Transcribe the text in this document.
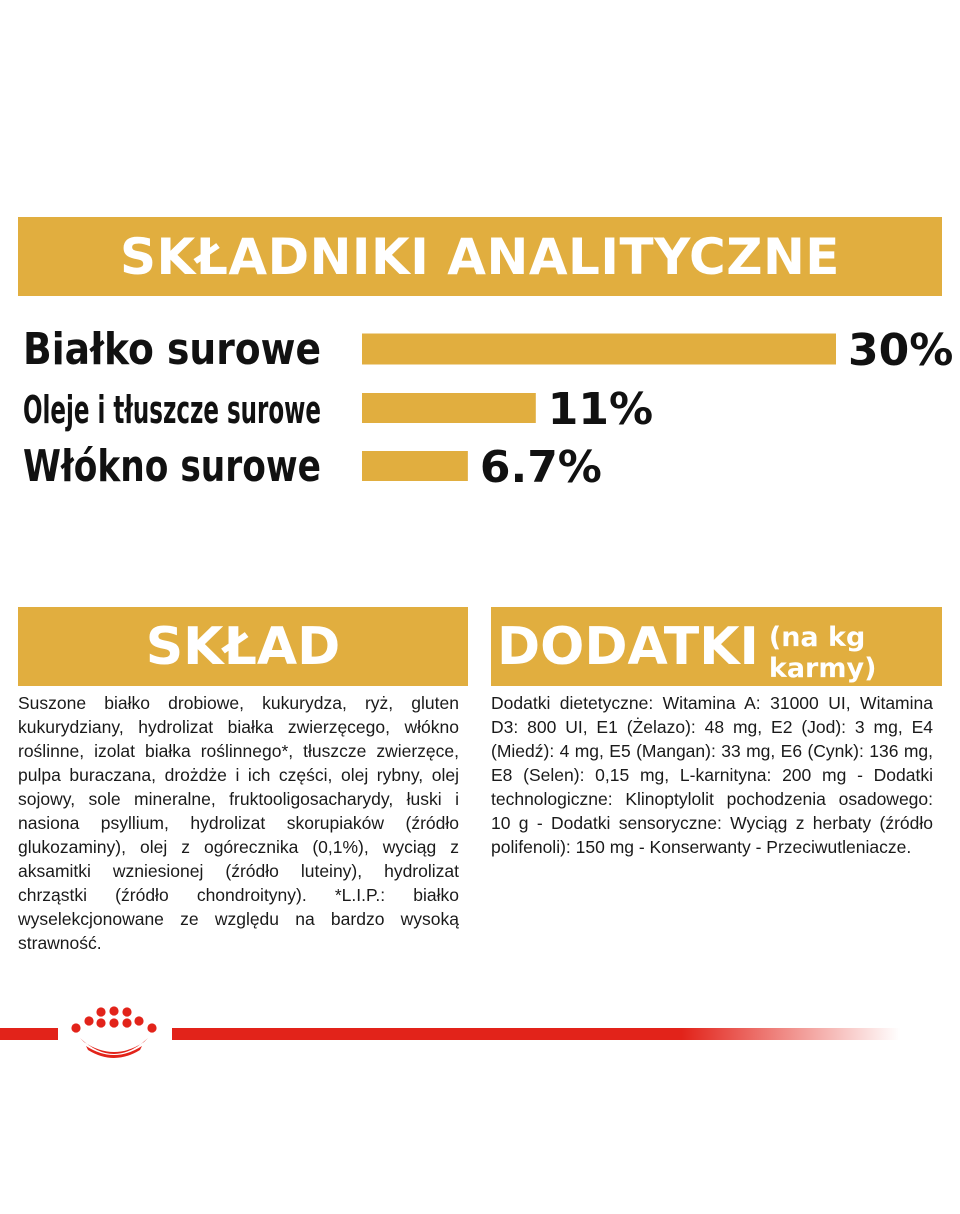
SKŁADNIKI ANALITYCZNE
Białko surowe	30%
Oleje i tłuszcze surowe	11%
Włókno surowe	6.7%
SKŁAD

Suszone białko drobiowe, kukurydza, ryż, gluten kukurydziany, hydrolizat białka zwierzęcego, włókno roślinne, izolat białka roślinnego*, tłuszcze zwierzęce, pulpa buraczana, drożdże i ich części, olej rybny, olej sojowy, sole mineralne, fruktooligosacharydy, łuski i nasiona psyllium, hydrolizat skorupiaków (źródło glukozaminy), olej z ogórecznika (0,1%), wyciąg z aksamitki wzniesionej (źródło luteiny), hydrolizat chrząstki (źródło chondroityny). *L.I.P.: białko wyselekcjonowane ze względu na bardzo wysoką strawność.

DODATKI (na kg karmy)

Dodatki dietetyczne: Witamina A: 31000 UI, Witamina D3: 800 UI, E1 (Żelazo): 48 mg, E2 (Jod): 3 mg, E4 (Miedź): 4 mg, E5 (Mangan): 33 mg, E6 (Cynk): 136 mg, E8 (Selen): 0,15 mg, L-karnityna: 200 mg - Dodatki technologiczne: Klinoptylolit pochodzenia osadowego: 10 g - Dodatki sensoryczne: Wyciąg z herbaty (źródło polifenoli): 150 mg - Konserwanty - Przeciwutleniacze.
